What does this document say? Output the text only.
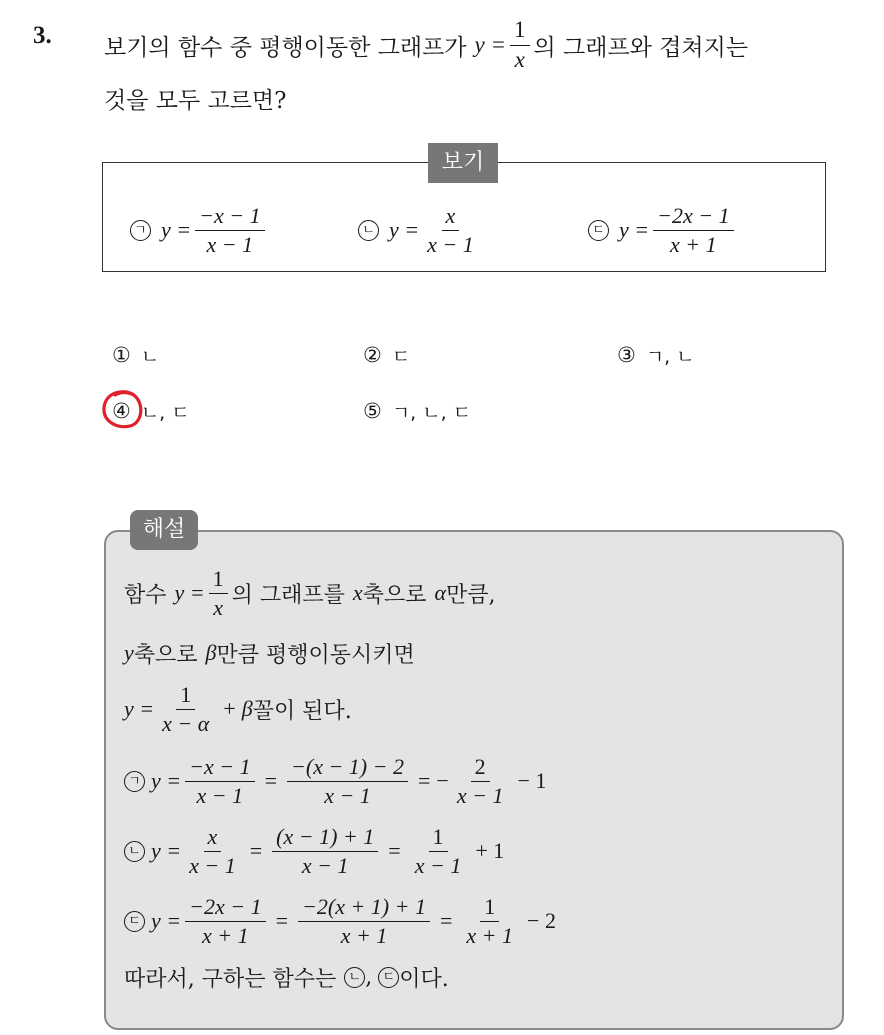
3. 보기의 함수 중 평행이동한 그래프가 $y = \frac{1}{x}$ 의 그래프와 겹쳐지는
것을 모두 고르면?
보기
ㄱ $y = \frac{-x - 1}{x - 1}$	ㄴ $y = \frac{x}{x - 1}$	ㄷ $y = \frac{-2x - 1}{x + 1}$
① ㄴ	② ㄷ	③ ㄱ, ㄴ
④ ㄴ, ㄷ	⑤ ㄱ, ㄴ, ㄷ
해설
함수 $y = \frac{1}{x}$ 의 그래프를 x 축으로 α 만큼,
y 축으로 β 만큼 평행이동시키면
$y = \frac{1}{x - \alpha} + \beta$ 꼴이 된다.
ㄱ $y = \frac{-x - 1}{x - 1} = \frac{-(x - 1) - 2}{x - 1}$ = − $\frac{2}{x - 1} - 1$
ㄴ $y = \frac{x}{x - 1} = \frac{(x - 1) + 1}{x - 1} = \frac{1}{x - 1} + 1$
ㄷ $y = \frac{-2x - 1}{x + 1} = \frac{-2(x + 1) + 1}{x + 1} = \frac{1}{x + 1} - 2$
따라서, 구하는 함수는 ㄴ , ㄷ 이다.
